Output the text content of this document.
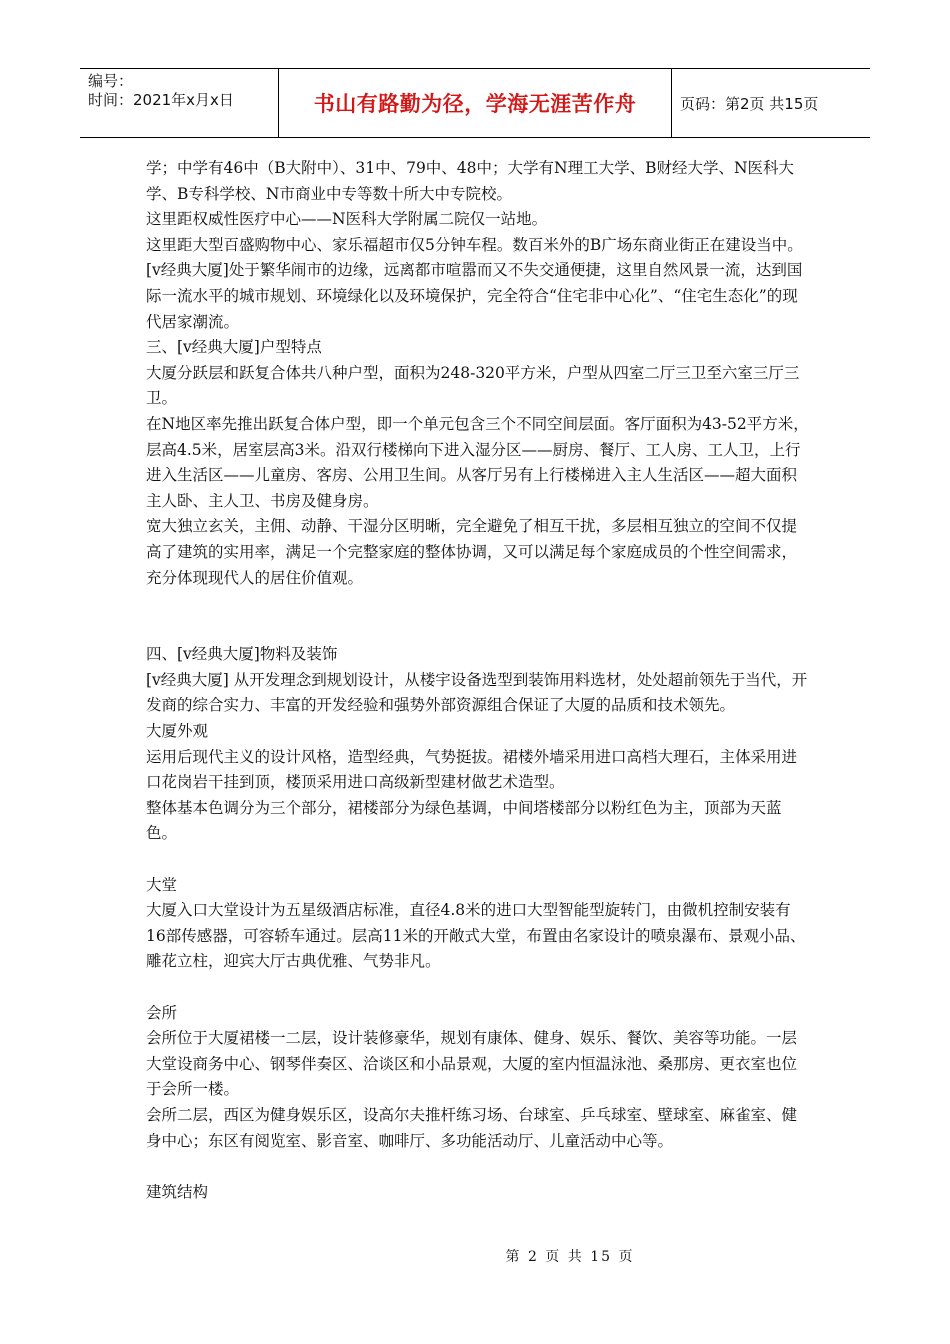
编号：
时间：2021年x月x日	书山有路勤为径，学海无涯苦作舟	页码：第2页 共15页

学；中学有46中（B大附中）、31中、79中、48中；大学有N理工大学、B财经大学、N医科大学、B专科学校、N市商业中专等数十所大中专院校。

这里距权威性医疗中心——N医科大学附属二院仅一站地。

这里距大型百盛购物中心、家乐福超市仅5分钟车程。数百米外的B广场东商业街正在建设当中。

[v经典大厦]处于繁华闹市的边缘，远离都市喧嚣而又不失交通便捷，这里自然风景一流，达到国际一流水平的城市规划、环境绿化以及环境保护，完全符合“住宅非中心化”、“住宅生态化”的现代居家潮流。

三、[v经典大厦]户型特点

大厦分跃层和跃复合体共八种户型，面积为248-320平方米，户型从四室二厅三卫至六室三厅三卫。

在N地区率先推出跃复合体户型，即一个单元包含三个不同空间层面。客厅面积为43-52平方米，层高4.5米，居室层高3米。沿双行楼梯向下进入湿分区——厨房、餐厅、工人房、工人卫，上行进入生活区——儿童房、客房、公用卫生间。从客厅另有上行楼梯进入主人生活区——超大面积主人卧、主人卫、书房及健身房。

宽大独立玄关，主佣、动静、干湿分区明晰，完全避免了相互干扰，多层相互独立的空间不仅提高了建筑的实用率，满足一个完整家庭的整体协调，又可以满足每个家庭成员的个性空间需求，充分体现现代人的居住价值观。

四、[v经典大厦]物料及装饰

[v经典大厦] 从开发理念到规划设计，从楼宇设备选型到装饰用料选材，处处超前领先于当代，开发商的综合实力、丰富的开发经验和强势外部资源组合保证了大厦的品质和技术领先。

大厦外观

运用后现代主义的设计风格，造型经典，气势挺拔。裙楼外墙采用进口高档大理石，主体采用进口花岗岩干挂到顶，楼顶采用进口高级新型建材做艺术造型。

整体基本色调分为三个部分，裙楼部分为绿色基调，中间塔楼部分以粉红色为主，顶部为天蓝色。

大堂

大厦入口大堂设计为五星级酒店标准，直径4.8米的进口大型智能型旋转门，由微机控制安装有16部传感器，可容轿车通过。层高11米的开敞式大堂，布置由名家设计的喷泉瀑布、景观小品、雕花立柱，迎宾大厅古典优雅、气势非凡。

会所

会所位于大厦裙楼一二层，设计装修豪华，规划有康体、健身、娱乐、餐饮、美容等功能。一层大堂设商务中心、钢琴伴奏区、洽谈区和小品景观，大厦的室内恒温泳池、桑那房、更衣室也位于会所一楼。

会所二层，西区为健身娱乐区，设高尔夫推杆练习场、台球室、乒乓球室、壁球室、麻雀室、健身中心；东区有阅览室、影音室、咖啡厅、多功能活动厅、儿童活动中心等。

建筑结构

第 2 页 共 15 页
